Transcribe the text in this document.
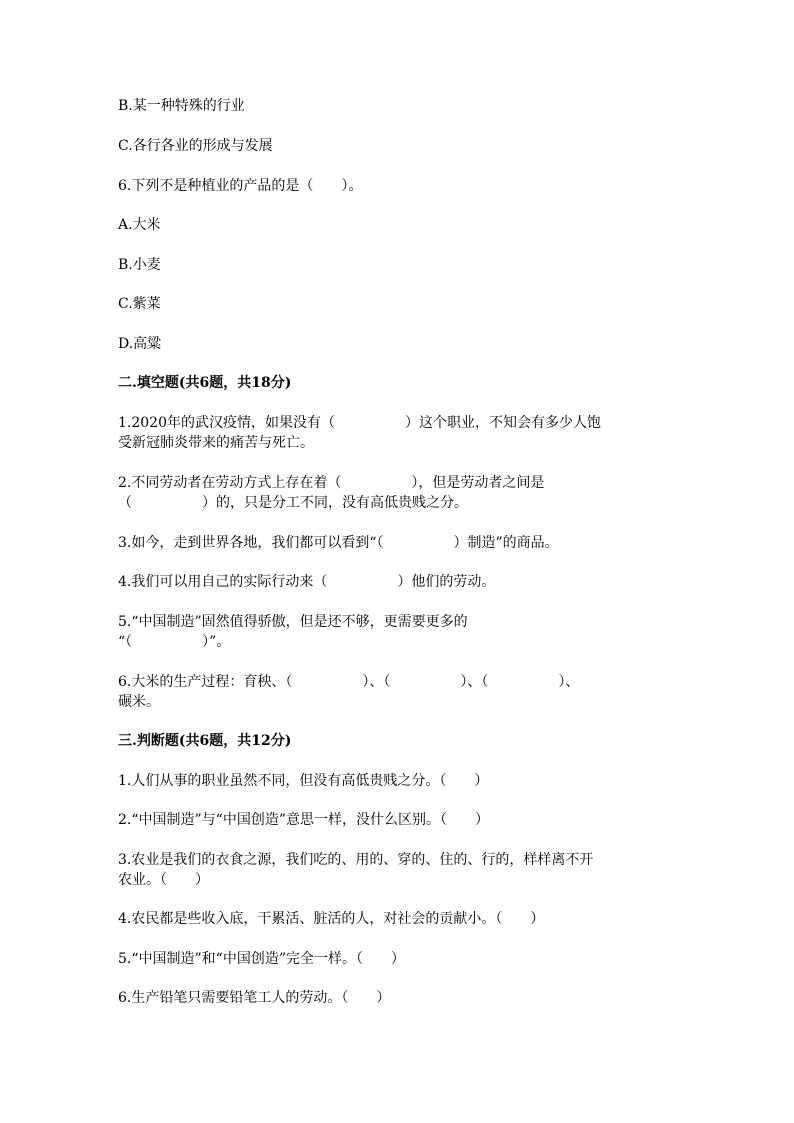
B.某一种特殊的行业
C.各行各业的形成与发展
6.下列不是种植业的产品的是（　　）。
A.大米
B.小麦
C.紫菜
D.高粱
二.填空题(共6题，共18分)
1.2020年的武汉疫情，如果没有（　　　　　）这个职业，不知会有多少人饱
受新冠肺炎带来的痛苦与死亡。
2.不同劳动者在劳动方式上存在着（　　　　　），但是劳动者之间是
（　　　　　）的，只是分工不同，没有高低贵贱之分。
3.如今，走到世界各地，我们都可以看到“（　　　　　）制造”的商品。
4.我们可以用自己的实际行动来（　　　　　）他们的劳动。
5.“中国制造”固然值得骄傲，但是还不够，更需要更多的
“（　　　　　）”。
6.大米的生产过程：育秧、（　　　　　）、（　　　　　）、（　　　　　）、
碾米。
三.判断题(共6题，共12分)
1.人们从事的职业虽然不同，但没有高低贵贱之分。（　　）
2.“中国制造”与“中国创造”意思一样，没什么区别。（　　）
3.农业是我们的衣食之源，我们吃的、用的、穿的、住的、行的，样样离不开
农业。（　　）
4.农民都是些收入底，干累活、脏活的人，对社会的贡献小。（　　）
5.“中国制造”和“中国创造”完全一样。（　　）
6.生产铅笔只需要铅笔工人的劳动。（　　）
